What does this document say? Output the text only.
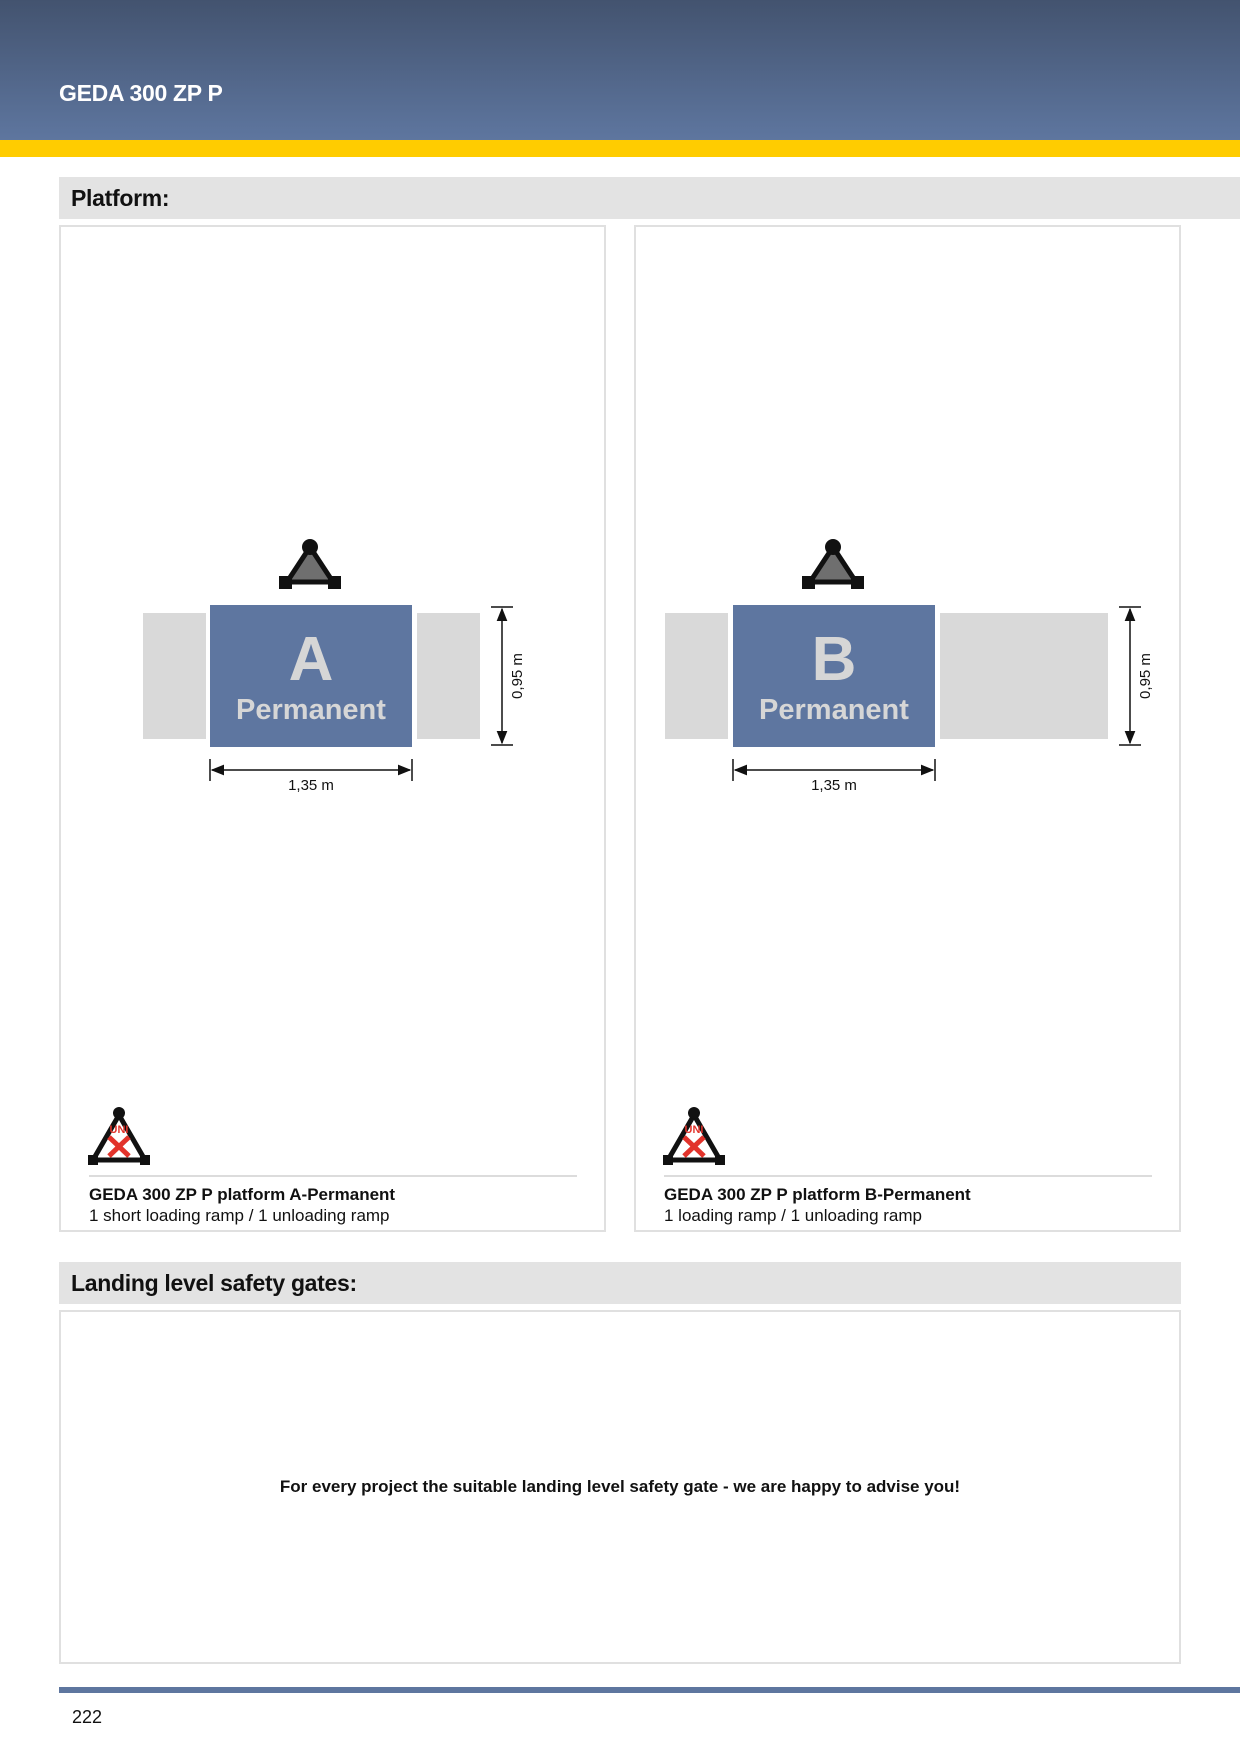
GEDA 300 ZP P
Platform:
A
Permanent
1,35 m
0,95 m
UNI
GEDA 300 ZP P platform A-Permanent
1 short loading ramp / 1 unloading ramp
B
Permanent
1,35 m
0,95 m
UNI
GEDA 300 ZP P platform B-Permanent
1 loading ramp / 1 unloading ramp
Landing level safety gates:
For every project the suitable landing level safety gate - we are happy to advise you!
222
